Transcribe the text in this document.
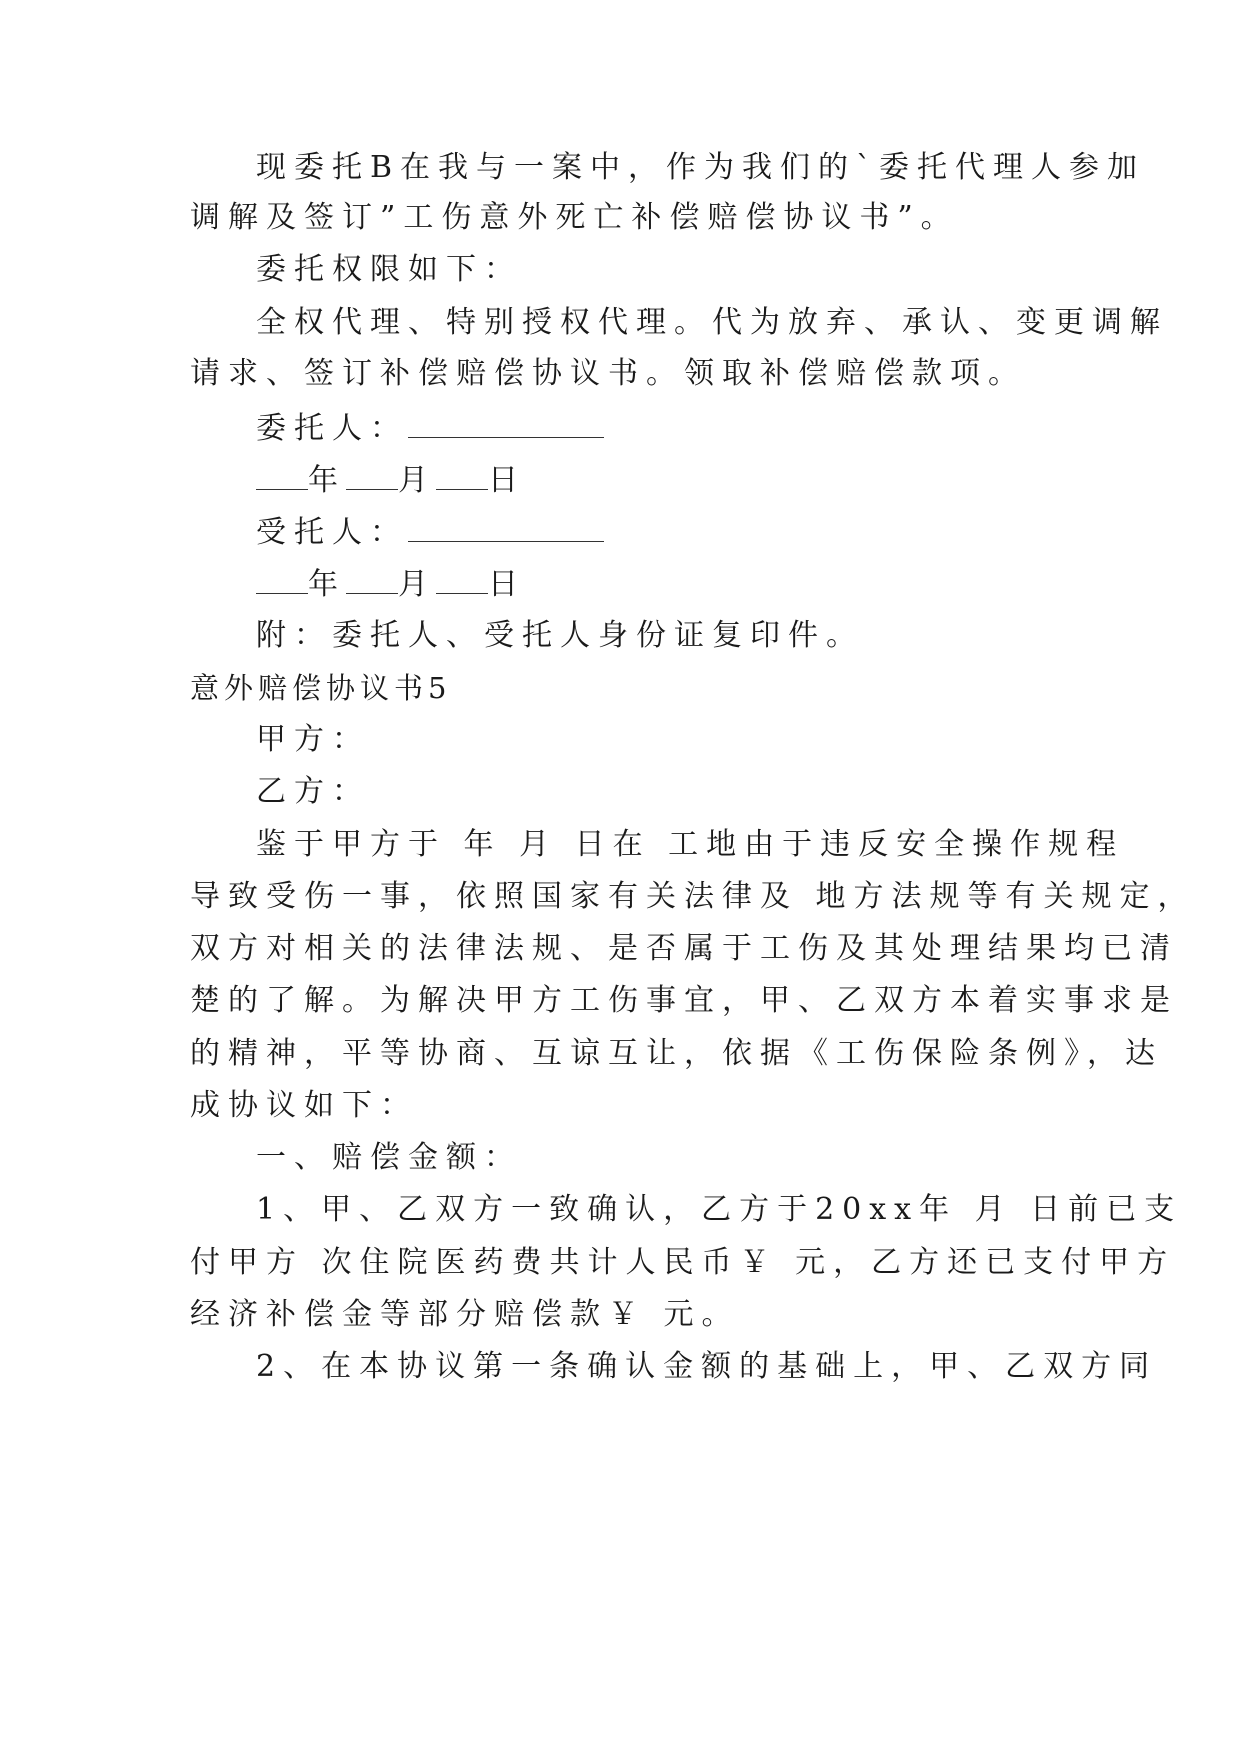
现委托B在我与一案中，作为我们的`委托代理人参加
调解及签订”工伤意外死亡补偿赔偿协议书”。
委托权限如下：
全权代理、特别授权代理。代为放弃、承认、变更调解
请求、签订补偿赔偿协议书。领取补偿赔偿款项。
委托人：
年 月 日
受托人：
年 月 日
附：委托人、受托人身份证复印件。
意外赔偿协议书5
甲方：
乙方：
鉴于甲方于 年 月 日在 工地由于违反安全操作规程
导致受伤一事，依照国家有关法律及 地方法规等有关规定，
双方对相关的法律法规、是否属于工伤及其处理结果均已清
楚的了解。为解决甲方工伤事宜，甲、乙双方本着实事求是
的精神，平等协商、互谅互让，依据《工伤保险条例》，达
成协议如下：
一、赔偿金额：
1、甲、乙双方一致确认，乙方于20xx年 月 日前已支
付甲方 次住院医药费共计人民币￥ 元，乙方还已支付甲方
经济补偿金等部分赔偿款￥ 元。
2、在本协议第一条确认金额的基础上，甲、乙双方同
